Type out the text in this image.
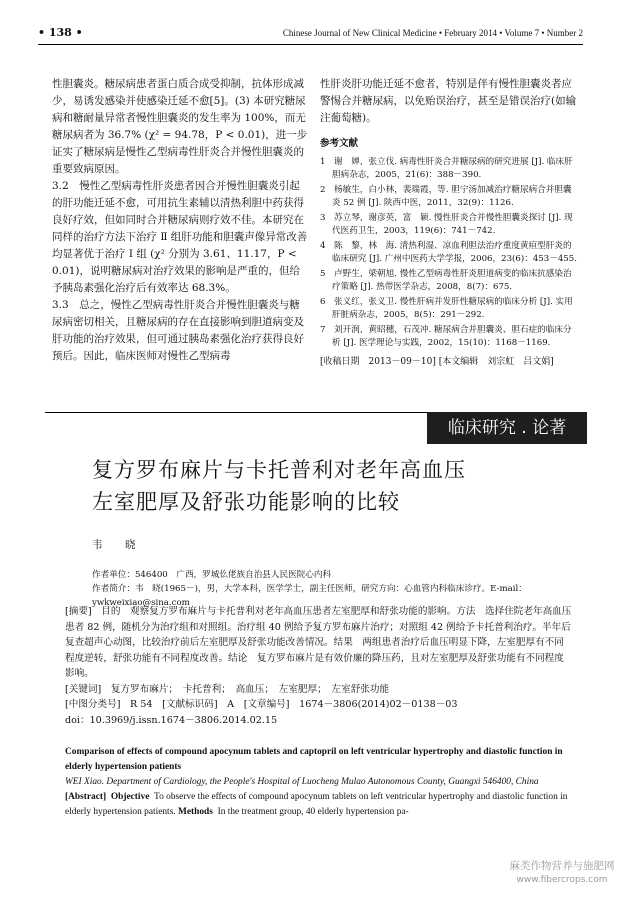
• 138 •	Chinese Journal of New Clinical Medicine • February 2014 • Volume 7 • Number 2

性胆囊炎。糖尿病患者蛋白质合成受抑制，抗体形成减少，易诱发感染并使感染迁延不愈[5]。(3) 本研究糖尿病和糖耐量异常者慢性胆囊炎的发生率为 100%，而无糖尿病者为 36.7% (χ² = 94.78，P < 0.01)，进一步证实了糖尿病是慢性乙型病毒性肝炎合并慢性胆囊炎的重要致病原因。

3.2　慢性乙型病毒性肝炎患者因合并慢性胆囊炎引起的肝功能迁延不愈，可用抗生素辅以清热利胆中药获得良好疗效，但如同时合并糖尿病则疗效不佳。本研究在同样的治疗方法下治疗 Ⅱ 组肝功能和胆囊声像异常改善均显著优于治疗 Ⅰ 组 (χ² 分别为 3.61、11.17，P < 0.01)，说明糖尿病对治疗效果的影响是严重的，但给予胰岛素强化治疗后有效率达 68.3%。

3.3　总之，慢性乙型病毒性肝炎合并慢性胆囊炎与糖尿病密切相关，且糖尿病的存在直接影响到胆道病变及肝功能的治疗效果，但可通过胰岛素强化治疗获得良好预后。因此，临床医师对慢性乙型病毒

性肝炎肝功能迁延不愈者，特别是伴有慢性胆囊炎者应警惕合并糖尿病，以免贻误治疗，甚至是错误治疗(如输注葡萄糖)。

参考文献

1　谢　婵，张立伐. 病毒性肝炎合并糖尿病的研究进展 [J]. 临床肝胆病杂志，2005，21(6)：388－390.
2　杨敏生，白小林，裴瑞霞，等. 胆宁汤加减治疗糖尿病合并胆囊炎 52 例 [J]. 陕西中医，2011，32(9)：1126.
3　苏立琴，谢彦英，富　颖. 慢性肝炎合并慢性胆囊炎探讨 [J]. 现代医药卫生，2003，119(6)：741－742.
4　陈　黎，林　海. 清热利湿、凉血利胆法治疗重度黄疸型肝炎的临床研究 [J]. 广州中医药大学学报，2006，23(6)：453－455.
5　卢野生，梁朝旭. 慢性乙型病毒性肝炎胆道病变的临床抗感染治疗策略 [J]. 热带医学杂志，2008，8(7)：675.
6　张义红，张义卫. 慢性肝病并发肝性糖尿病的临床分析 [J]. 实用肝脏病杂志，2005，8(5)：291－292.
7　刘开润，黄昭穗，石茂冲. 糖尿病合并胆囊炎、胆石症的临床分析 [J]. 医学理论与实践，2002，15(10)：1168－1169.

[收稿日期　2013－09－10] [本文编辑　刘宗虹　吕文娟]

临床研究 . 论著

复方罗布麻片与卡托普利对老年高血压

左室肥厚及舒张功能影响的比较

韦　晓

作者单位：546400　广西，罗城仫佬族自治县人民医院心内科

作者简介：韦　晓(1965－)，男，大学本科，医学学士，副主任医师，研究方向：心血管内科临床诊疗。E-mail：ywkweixiao@sina.com

[摘要]　目的　观察复方罗布麻片与卡托普利对老年高血压患者左室肥厚和舒张功能的影响。方法　选择住院老年高血压患者 82 例，随机分为治疗组和对照组。治疗组 40 例给予复方罗布麻片治疗；对照组 42 例给予卡托普利治疗。半年后复查超声心动图，比较治疗前后左室肥厚及舒张功能改善情况。结果　两组患者治疗后血压明显下降，左室肥厚有不同程度逆转，舒张功能有不同程度改善。结论　复方罗布麻片是有效价廉的降压药，且对左室肥厚及舒张功能有不同程度影响。

[关键词]　复方罗布麻片；　卡托普利；　高血压；　左室肥厚；　左室舒张功能

[中图分类号]　R 54　[文献标识码]　A　[文章编号]　1674－3806(2014)02－0138－03

doi：10.3969/j.issn.1674－3806.2014.02.15

Comparison of effects of compound apocynum tablets and captopril on left ventricular hypertrophy and diastolic function in elderly hypertension patients

WEI Xiao. Department of Cardiology, the People's Hospital of Luocheng Mulao Autonomous County, Guangxi 546400, China

[Abstract] Objective To observe the effects of compound apocynum tablets on left ventricular hypertrophy and diastolic function in elderly hypertension patients. Methods In the treatment group, 40 elderly hypertension pa-

麻类作物营养与施肥网

www.fibercrops.com
